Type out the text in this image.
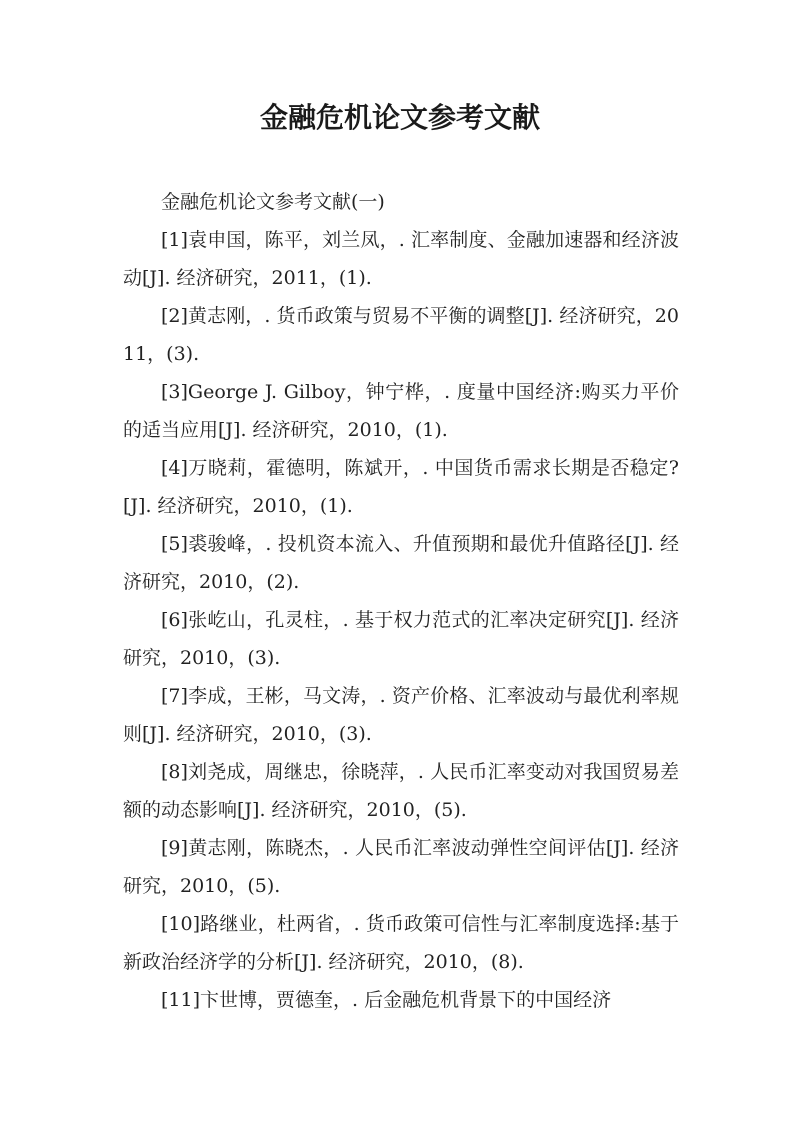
金融危机论文参考文献

金融危机论文参考文献(一)

[1]袁申国，陈平，刘兰凤，. 汇率制度、金融加速器和经济波动[J]. 经济研究，2011，(1).

[2]黄志刚，. 货币政策与贸易不平衡的调整[J]. 经济研究，2011，(3).

[3]George J. Gilboy，钟宁桦，. 度量中国经济:购买力平价的适当应用[J]. 经济研究，2010，(1).

[4]万晓莉，霍德明，陈斌开，. 中国货币需求长期是否稳定?[J]. 经济研究，2010，(1).

[5]裘骏峰，. 投机资本流入、升值预期和最优升值路径[J]. 经济研究，2010，(2).

[6]张屹山，孔灵柱，. 基于权力范式的汇率决定研究[J]. 经济研究，2010，(3).

[7]李成，王彬，马文涛，. 资产价格、汇率波动与最优利率规则[J]. 经济研究，2010，(3).

[8]刘尧成，周继忠，徐晓萍，. 人民币汇率变动对我国贸易差额的动态影响[J]. 经济研究，2010，(5).

[9]黄志刚，陈晓杰，. 人民币汇率波动弹性空间评估[J]. 经济研究，2010，(5).

[10]路继业，杜两省，. 货币政策可信性与汇率制度选择:基于新政治经济学的分析[J]. 经济研究，2010，(8).

[11]卞世博，贾德奎，. 后金融危机背景下的中国经济
